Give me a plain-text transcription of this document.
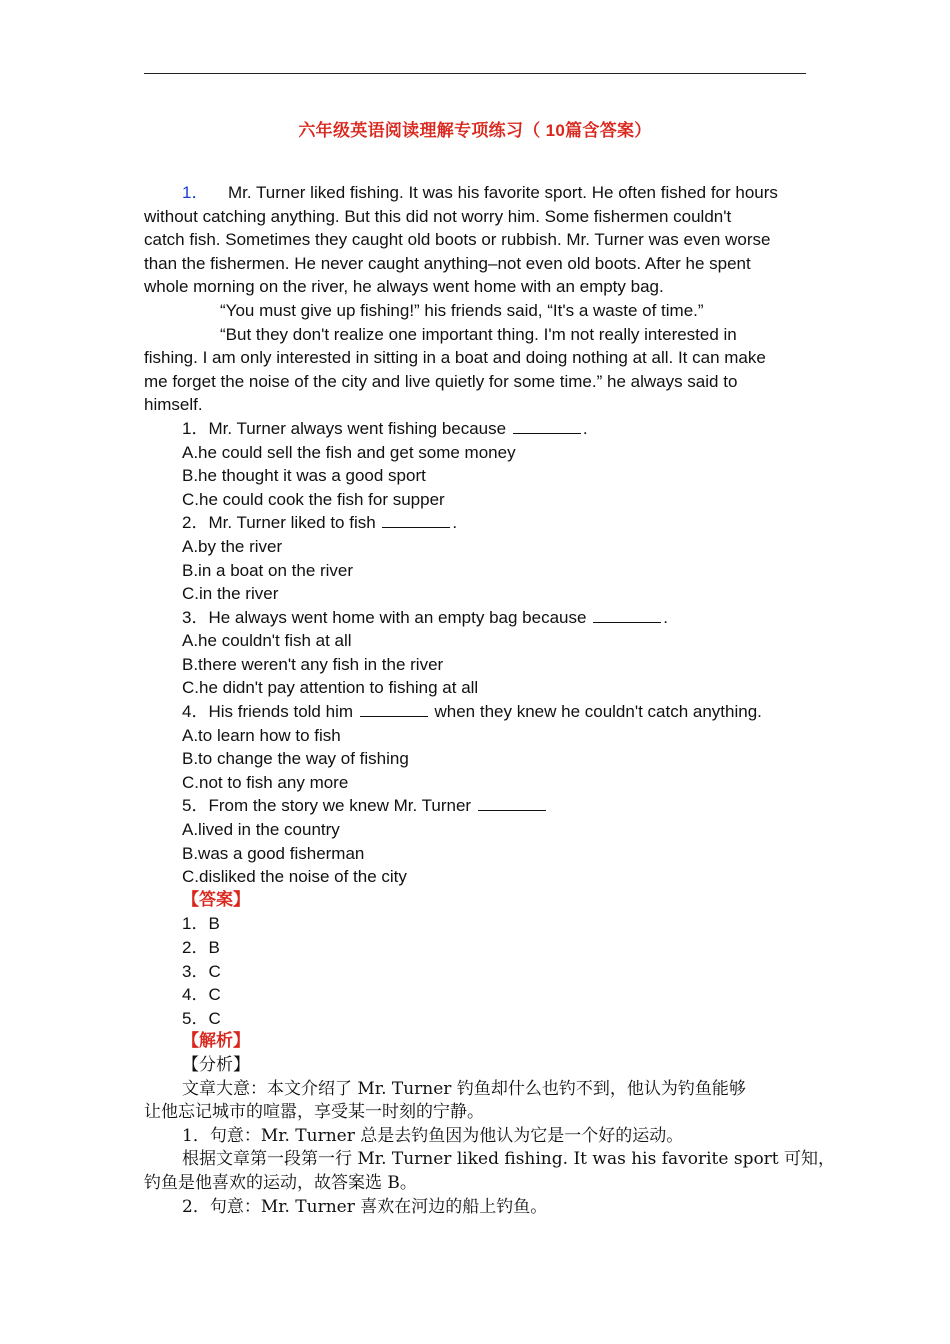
六年级英语阅读理解专项练习（ 10篇含答案）
1． Mr. Turner liked fishing. It was his favorite sport. He often fished for hours
without catching anything. But this did not worry him. Some fishermen couldn't
catch fish. Sometimes they caught old boots or rubbish. Mr. Turner was even worse
than the fishermen. He never caught anything–not even old boots. After he spent
whole morning on the river, he always went home with an empty bag.
“You must give up fishing!” his friends said, “It's a waste of time.”
“But they don't realize one important thing. I'm not really interested in
fishing. I am only interested in sitting in a boat and doing nothing at all. It can make
me forget the noise of the city and live quietly for some time.” he always said to
himself.
1．Mr. Turner always went fishing because	.
A.he could sell the fish and get some money
B.he thought it was a good sport
C.he could cook the fish for supper
2．Mr. Turner liked to fish	.
A.by the river
B.in a boat on the river
C.in the river
3．He always went home with an empty bag because	.
A.he couldn't fish at all
B.there weren't any fish in the river
C.he didn't pay attention to fishing at all
4．His friends told him	when they knew he couldn't catch anything.
A.to learn how to fish
B.to change the way of fishing
C.not to fish any more
5．From the story we knew Mr. Turner
A.lived in the country
B.was a good fisherman
C.disliked the noise of the city
【答案】
1．B
2．B
3．C
4．C
5．C
【解析】
【分析】
文章大意：本文介绍了 Mr. Turner 钓鱼却什么也钓不到，他认为钓鱼能够
让他忘记城市的喧嚣，享受某一时刻的宁静。
1．句意：Mr. Turner 总是去钓鱼因为他认为它是一个好的运动。
根据文章第一段第一行 Mr. Turner liked fishing. It was his favorite sport 可知，
钓鱼是他喜欢的运动，故答案选 B。
2．句意：Mr. Turner 喜欢在河边的船上钓鱼。
